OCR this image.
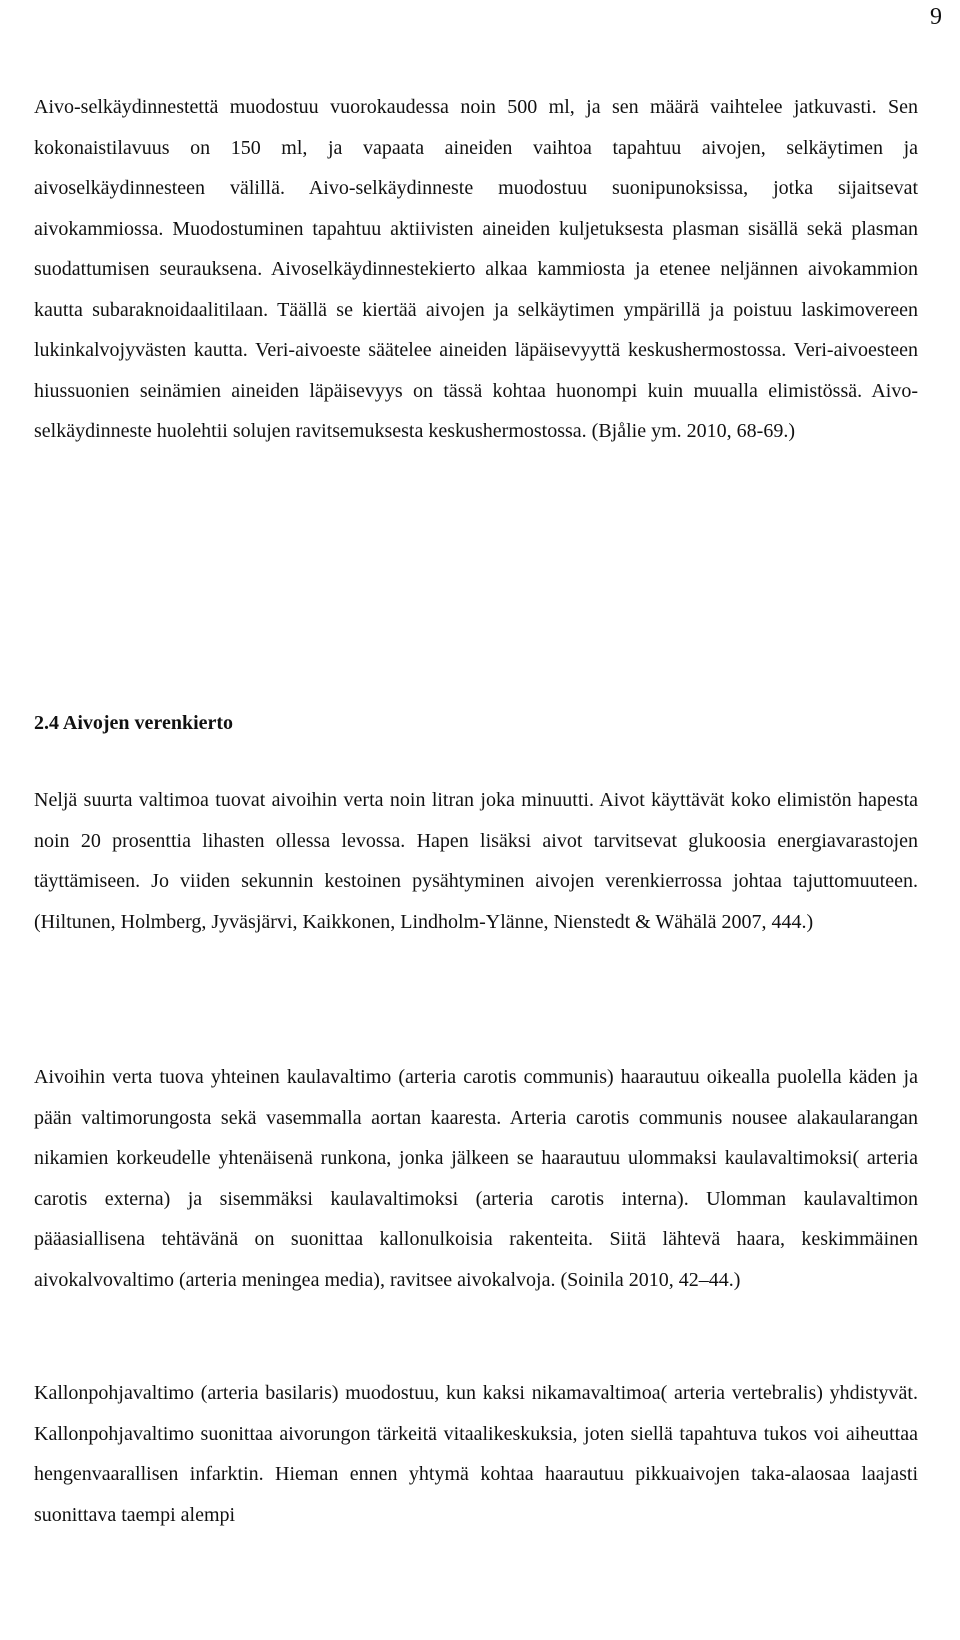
9

Aivo-selkäydinnestettä muodostuu vuorokaudessa noin 500 ml, ja sen määrä vaihtelee jatkuvasti. Sen kokonaistilavuus on 150 ml, ja vapaata aineiden vaihtoa tapahtuu aivojen, selkäytimen ja aivoselkäydinnesteen välillä. Aivo-selkäydinneste muodostuu suonipunoksissa, jotka sijaitsevat aivokammiossa. Muodostuminen tapahtuu aktiivisten aineiden kuljetuksesta plasman sisällä sekä plasman suodattumisen seurauksena. Aivoselkäydinnestekierto alkaa kammiosta ja etenee neljännen aivokammion kautta subaraknoidaalitilaan. Täällä se kiertää aivojen ja selkäytimen ympärillä ja poistuu laskimovereen lukinkalvojyvästen kautta. Veri-aivoeste säätelee aineiden läpäisevyyttä keskushermostossa. Veri-aivoesteen hiussuonien seinämien aineiden läpäisevyys on tässä kohtaa huonompi kuin muualla elimistössä. Aivo-selkäydinneste huolehtii solujen ravitsemuksesta keskushermostossa. (Bjålie ym. 2010, 68-69.)

2.4 Aivojen verenkierto

Neljä suurta valtimoa tuovat aivoihin verta noin litran joka minuutti. Aivot käyttävät koko elimistön hapesta noin 20 prosenttia lihasten ollessa levossa. Hapen lisäksi aivot tarvitsevat glukoosia energiavarastojen täyttämiseen. Jo viiden sekunnin kestoinen pysähtyminen aivojen verenkierrossa johtaa tajuttomuuteen. (Hiltunen, Holmberg, Jyväsjärvi, Kaikkonen, Lindholm-Ylänne, Nienstedt & Wähälä 2007, 444.)

Aivoihin verta tuova yhteinen kaulavaltimo (arteria carotis communis) haarautuu oikealla puolella käden ja pään valtimorungosta sekä vasemmalla aortan kaaresta. Arteria carotis communis nousee alakaularangan nikamien korkeudelle yhtenäisenä runkona, jonka jälkeen se haarautuu ulommaksi kaulavaltimoksi( arteria carotis externa) ja sisemmäksi kaulavaltimoksi (arteria carotis interna). Ulomman kaulavaltimon pääasiallisena tehtävänä on suonittaa kallonulkoisia rakenteita. Siitä lähtevä haara, keskimmäinen aivokalvovaltimo (arteria meningea media), ravitsee aivokalvoja. (Soinila 2010, 42–44.)

Kallonpohjavaltimo (arteria basilaris) muodostuu, kun kaksi nikamavaltimoa( arteria vertebralis) yhdistyvät. Kallonpohjavaltimo suonittaa aivorungon tärkeitä vitaalikeskuksia, joten siellä tapahtuva tukos voi aiheuttaa hengenvaarallisen infarktin. Hieman ennen yhtymä kohtaa haarautuu pikkuaivojen taka-alaosaa laajasti suonittava taempi alempi
